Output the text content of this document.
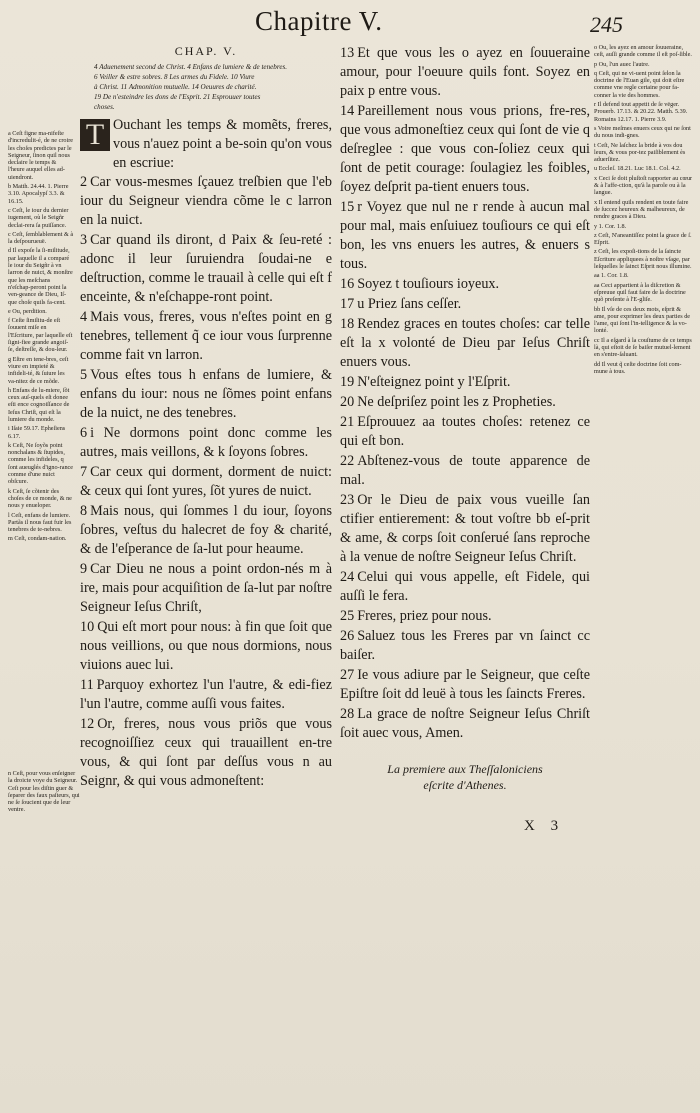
Chapitre V.	245
a Ceſt figne ma-nifeſte d'incredulit-é, de ne croire les choſes predictes par le Seigneur, ſinon quil nous declaire le temps & l'heure auquel elles ad-uiendront.
b Matth. 24.44. 1. Pierre 3.10. Apocalypſ 3.3. & 16.15.
c Ceſt, le iour du dernier iugement, où le Seigñr declai-rera ſa puiſſance.
c Ceſt, ſemblablement & à la deſpourueuë.
d Il expoſe la ſi-militude, par laquelle il a comparé le iour du Seigñr à vn larron de nuict, & monſtre que les meſchans n'eſchap-peront point la ven-geance de Dieu, Iſ-que choſe quils fa-cent.
e Ou, perdition.
f Ceſte ſimilitu-de eſt ſouuent miſe en l'Eſcriture, par laquelle eſt ſigni-fiee grande angoiſ-ſe, deſtreſſe, & dou-leur.
g Eſtre en tene-bres, ceſt viure en impieté & infideli-té, & ſuiure les va-nitez de ce mõde.
h Enfans de lu-miere, ſõt ceux auſ-quels eſt donee eſti ence cognoiſſance de Ieſus Chriſt, qui eſt la lumiere du monde.
i Iſaie 59.17. Epheſiens 6.17.
k Ceſt, Ne ſoyõs point nonchalans & ſtupides, comme les infideles, q ſont aueuglés d'igno-rance comme d'une nuict obſcure.
k Ceſt, ſe cõtenir des choſes de ce monde, & ne nous y enueloper.
l Ceſt, enfans de lumiere. Partãs il nous faut fuir les tenebres de te-nebres.
m Ceſt, condam-nation.
n Ceſt, pour vous enſeigner la droicte voye du Seigneur. Ceſt pour les diſtin guer & ſeparer des faux paſteurs, qui ne ſe ſoucient que de leur ventre.
CHAP. V.
4 Aduenement second de Christ. 4 Enfans de lumiere & de tenebres.
6 Veiller & estre sobres. 8 Les armes du Fidele. 10 Viure
à Christ. 11 Admonition mutuelle. 14 Oeuures de charité.
19 De n'esteindre les dons de l'Esprit. 21 Esprouuer toutes
choses.
T Ouchant les temps & momẽts, freres, vous n'auez point a be-soin qu'on vous en escriue:
2 Car vous-mesmes ſçauez treſbien que l'eb iour du Seigneur viendra cõme le c larron en la nuict.
3 Car quand ils diront, d Paix & ſeu-reté : adonc il leur ſuruiendra ſoudai-ne e deſtruction, comme le trauail à celle qui eſt f enceinte, & n'eſchappe-ront point.
4 Mais vous, freres, vous n'eſtes point en g tenebres, tellement q̃ ce iour vous ſurprenne comme fait vn larron.
5 Vous eſtes tous h enfans de lumiere, & enfans du iour: nous ne ſõmes point enfans de la nuict, ne des tenebres.
6 i Ne dormons point donc comme les autres, mais veillons, & k ſoyons ſobres.
7 Car ceux qui dorment, dorment de nuict: & ceux qui ſont yures, ſõt yures de nuict.
8 Mais nous, qui ſommes l du iour, ſoyons ſobres, veſtus du halecret de foy & charité, & de l'eſperance de ſa-lut pour heaume.
9 Car Dieu ne nous a point ordon-nés m à ire, mais pour acquiſition de ſa-lut par noſtre Seigneur Ieſus Chriſt,
10 Qui eſt mort pour nous: à fin que ſoit que nous veillions, ou que nous dormions, nous viuions auec lui.
11 Parquoy exhortez l'un l'autre, & edi-fiez l'un l'autre, comme auſſi vous faites.
12 Or, freres, nous vous priõs que vous recognoiſſiez ceux qui trauaillent en-tre vous, & qui ſont par deſſus vous n au Seignr, & qui vous admoneſtent:
13 Et que vous les o ayez en ſouueraine amour, pour l'oeuure quils font. Soyez en paix p entre vous.
14 Pareillement nous vous prions, fre-res, que vous admoneſtiez ceux qui ſont de vie q deſreglee : que vous con-ſoliez ceux qui ſont de petit courage: ſoulagiez les foibles, ſoyez deſprit pa-tient enuers tous.
15 r Voyez que nul ne r rende à aucun mal pour mal, mais enſuiuez touſiours ce qui eſt bon, les vns enuers les autres, & enuers s tous.
16 Soyez t touſiours ioyeux.
17 u Priez ſans ceſſer.
18 Rendez graces en toutes choſes: car telle eſt la x volonté de Dieu par Ieſus Chriſt enuers vous.
19 N'eſteignez point y l'Eſprit.
20 Ne deſpriſez point les z Propheties.
21 Eſprouuez aa toutes choſes: retenez ce qui eſt bon.
22 Abſtenez-vous de toute apparence de mal.
23 Or le Dieu de paix vous vueille ſan ctifier entierement: & tout voſtre bb eſ-prit & ame, & corps ſoit conſerué ſans reproche à la venue de noſtre Seigneur Ieſus Chriſt.
24 Celui qui vous appelle, eſt Fidele, qui auſſi le fera.
25 Freres, priez pour nous.
26 Saluez tous les Freres par vn ſainct cc baiſer.
27 Ie vous adiure par le Seigneur, que ceſte Epiſtre ſoit dd leuë à tous les ſaincts Freres.
28 La grace de noſtre Seigneur Ieſus Chriſt ſoit auec vous, Amen.
La premiere aux Theſſaloniciens
eſcrite d'Athenes.
X 3
o Ou, les ayez en amour ſouueraine, ceſt, auſſi grande comme il eſt poſ-ſible.
p Ou, l'un auec l'autre.
q Ceſt, qui ne vi-uent point ſelon la doctrine de l'Euan gile, qui doit eſtre comme vne regle certaine pour fa-conner la vie des hommes.
r Il defend tout appetit de ſe vēger. Prouerb. 17.13. & 20.22. Matth. 5.39. Romains 12.17. 1. Pierre 3.9.
s Voire meſmes enuers ceux qui ne ſont du nous indi-gnes.
t Ceſt, Ne laſchez la bride à vos dou leurs, & vous por-tez paiſiblement ès aduerſitez.
u Eccleſ. 18.21. Luc 18.1. Col. 4.2.
x Ceci ſe doit pluſtoſt rapporter au cœur & à l'affe-ction, qu'à la parole ou à la langue.
x Il entend quils rendent en toute faire de ſuccez heureux & malheureux, de rendre graces à Dieu.
y 1. Cor. 1.8.
z Ceſt, N'aneantiſſez point la grace de ſ. Eſprit.
z Ceſt, les expoſi-tions de la ſaincte Eſcriture appliquees à noſtre vſage, par leſquelles le ſainct Eſprit nous illumine.
aa 1. Cor. 1.8.
aa Ceci appartient à la diſcretion & eſpreuue quil faut faire de la doctrine quõ preſente à l'E-gliſe.
bb Il vſe de ces deux mots, eſprit & ame, pour exprimer les deux parties de l'ame, qui ſont l'in-telligence & la vo-lonté.
cc Il a eſgard à la couſtume de ce temps là, qui eſtoit de ſe baiſer mutuel-lement en s'entre-ſaluant.
dd Il veut q̃ ceſte doctrine ſoit com-mune à tous.
